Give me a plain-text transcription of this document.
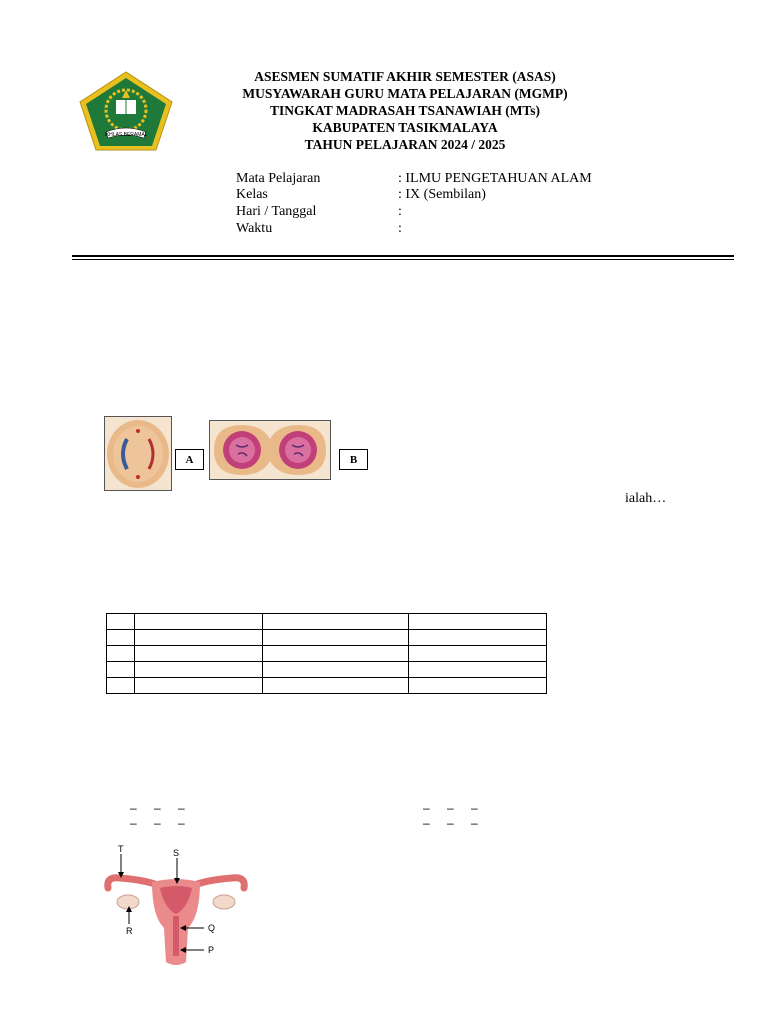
IKHLAS BERAMAL
ASESMEN SUMATIF AKHIR SEMESTER (ASAS)
MUSYAWARAH GURU MATA PELAJARAN (MGMP)
TINGKAT MADRASAH TSANAWIAH (MTs)
KABUPATEN TASIKMALAYA
TAHUN PELAJARAN 2024 / 2025
Mata Pelajaran	: ILMU PENGETAHUAN ALAM
Kelas	: IX (Sembilan)
Hari / Tanggal	:
Waktu	:
A	B
ialah…

– – –
– – –
– – –
– – –
T	S
R	Q
P
